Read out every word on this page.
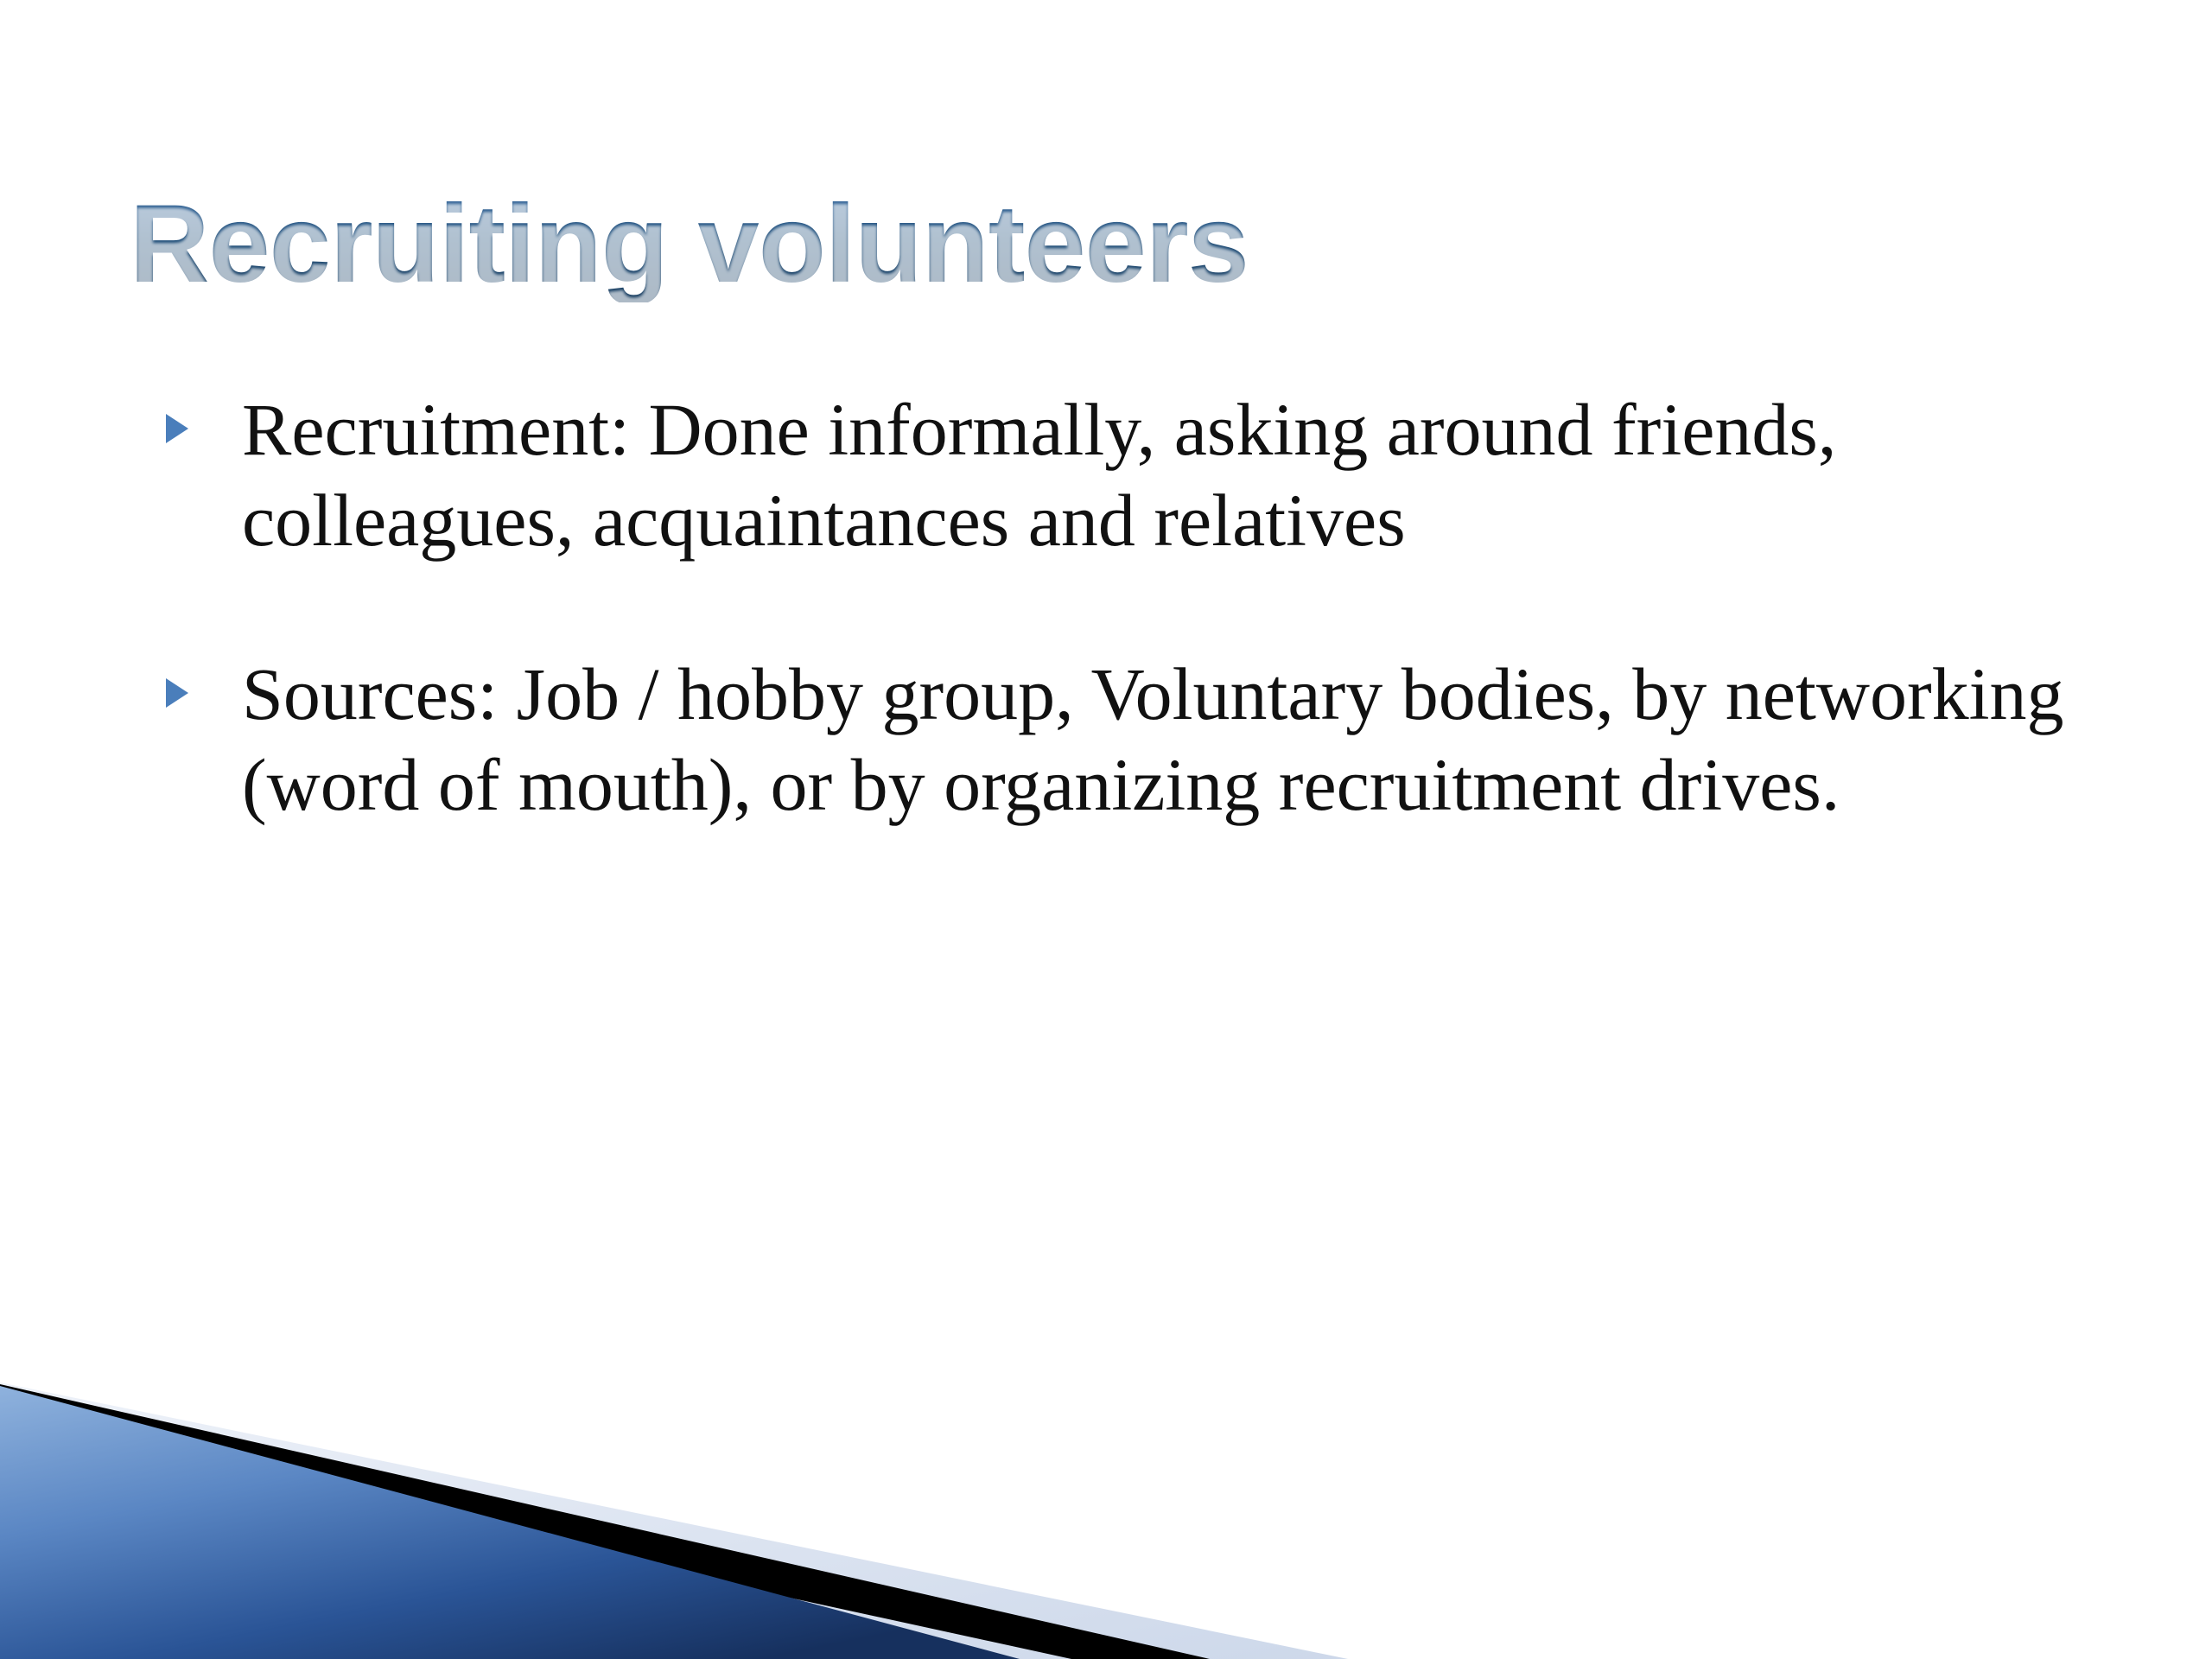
Recruiting volunteers
Recruitment: Done informally, asking around friends, colleagues, acquaintances and relatives
Sources: Job / hobby group, Voluntary bodies, by networking (word of mouth), or by organizing recruitment drives.
